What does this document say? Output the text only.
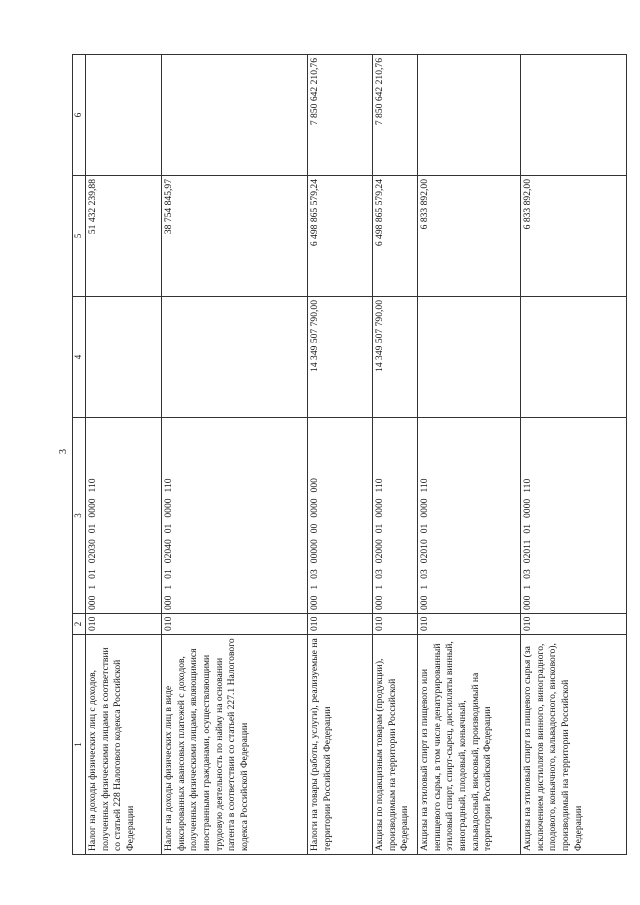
3
1	2	3	4	5	6
Налог на доходы физических лиц с доходов, полученных физическими лицами в соответствии со статьей 228 Налогового кодекса Российской Федерации	010	00010102030010000110		51 432 239,88	
Налог на доходы физических лиц в виде фиксированных авансовых платежей с доходов, полученных физическими лицами, являющимися иностранными гражданами, осуществляющими трудовую деятельность по найму на основании патента в соответствии со статьей 227.1 Налогового кодекса Российской Федерации	010	00010102040010000110		38 754 845,97	
Налоги на товары (работы, услуги), реализуемые на территории Российской Федерации	010	00010300000000000000	14 349 507 790,00	6 498 865 579,24	7 850 642 210,76
Акцизы по подакцизным товарам (продукции), производимым на территории Российской Федерации	010	00010302000010000110	14 349 507 790,00	6 498 865 579,24	7 850 642 210,76
Акцизы на этиловый спирт из пищевого или непищевого сырья, в том числе денатурированный этиловый спирт, спирт-сырец, дистилляты винный, виноградный, плодовый, коньячный, кальвадосный, висковый, производимый на территории Российской Федерации	010	00010302010010000110		6 833 892,00	
Акцизы на этиловый спирт из пищевого сырья (за исключением дистиллятов винного, виноградного, плодового, коньячного, кальвадосного, вискового), производимый на территории Российской Федерации	010	00010302011010000110		6 833 892,00	
